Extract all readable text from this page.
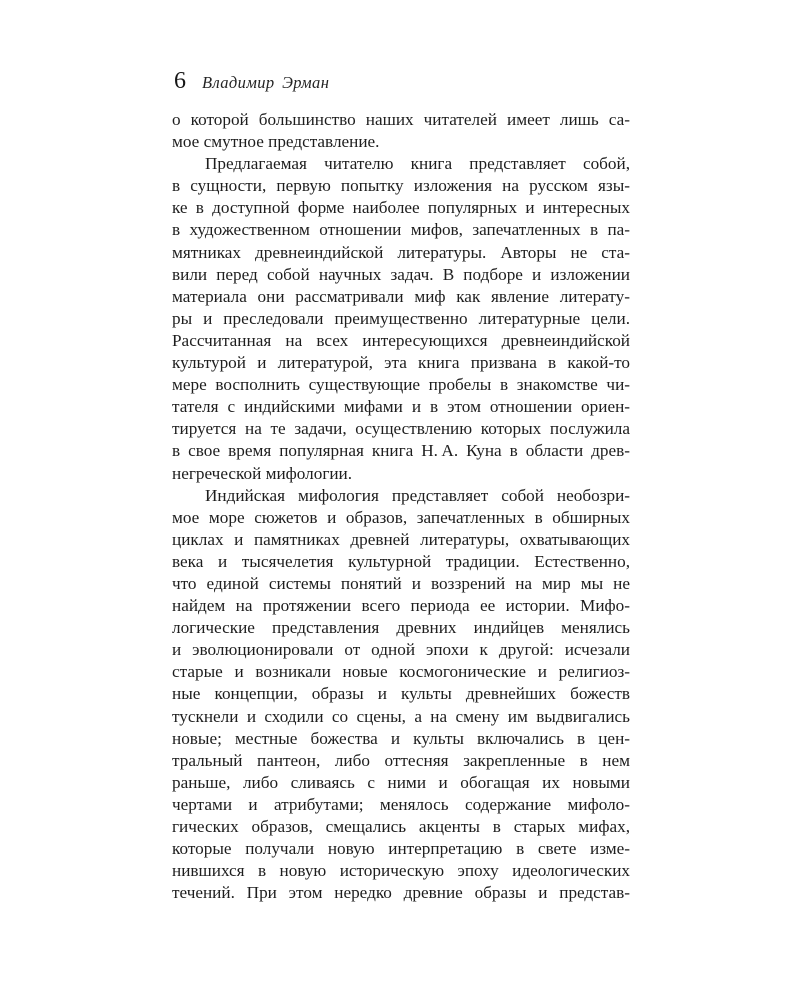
6 Владимир Эрман
о которой большинство наших читателей имеет лишь са-
мое смутное представление.
Предлагаемая читателю книга представляет собой,
в сущности, первую попытку изложения на русском язы-
ке в доступной форме наиболее популярных и интересных
в художественном отношении мифов, запечатленных в па-
мятниках древнеиндийской литературы. Авторы не ста-
вили перед собой научных задач. В подборе и изложении
материала они рассматривали миф как явление литерату-
ры и преследовали преимущественно литературные цели.
Рассчитанная на всех интересующихся древнеиндийской
культурой и литературой, эта книга призвана в какой-то
мере восполнить существующие пробелы в знакомстве чи-
тателя с индийскими мифами и в этом отношении ориен-
тируется на те задачи, осуществлению которых послужила
в свое время популярная книга Н. А. Куна в области древ-
негреческой мифологии.
Индийская мифология представляет собой необозри-
мое море сюжетов и образов, запечатленных в обширных
циклах и памятниках древней литературы, охватывающих
века и тысячелетия культурной традиции. Естественно,
что единой системы понятий и воззрений на мир мы не
найдем на протяжении всего периода ее истории. Мифо-
логические представления древних индийцев менялись
и эволюционировали от одной эпохи к другой: исчезали
старые и возникали новые космогонические и религиоз-
ные концепции, образы и культы древнейших божеств
тускнели и сходили со сцены, а на смену им выдвигались
новые; местные божества и культы включались в цен-
тральный пантеон, либо оттесняя закрепленные в нем
раньше, либо сливаясь с ними и обогащая их новыми
чертами и атрибутами; менялось содержание мифоло-
гических образов, смещались акценты в старых мифах,
которые получали новую интерпретацию в свете изме-
нившихся в новую историческую эпоху идеологических
течений. При этом нередко древние образы и представ-
